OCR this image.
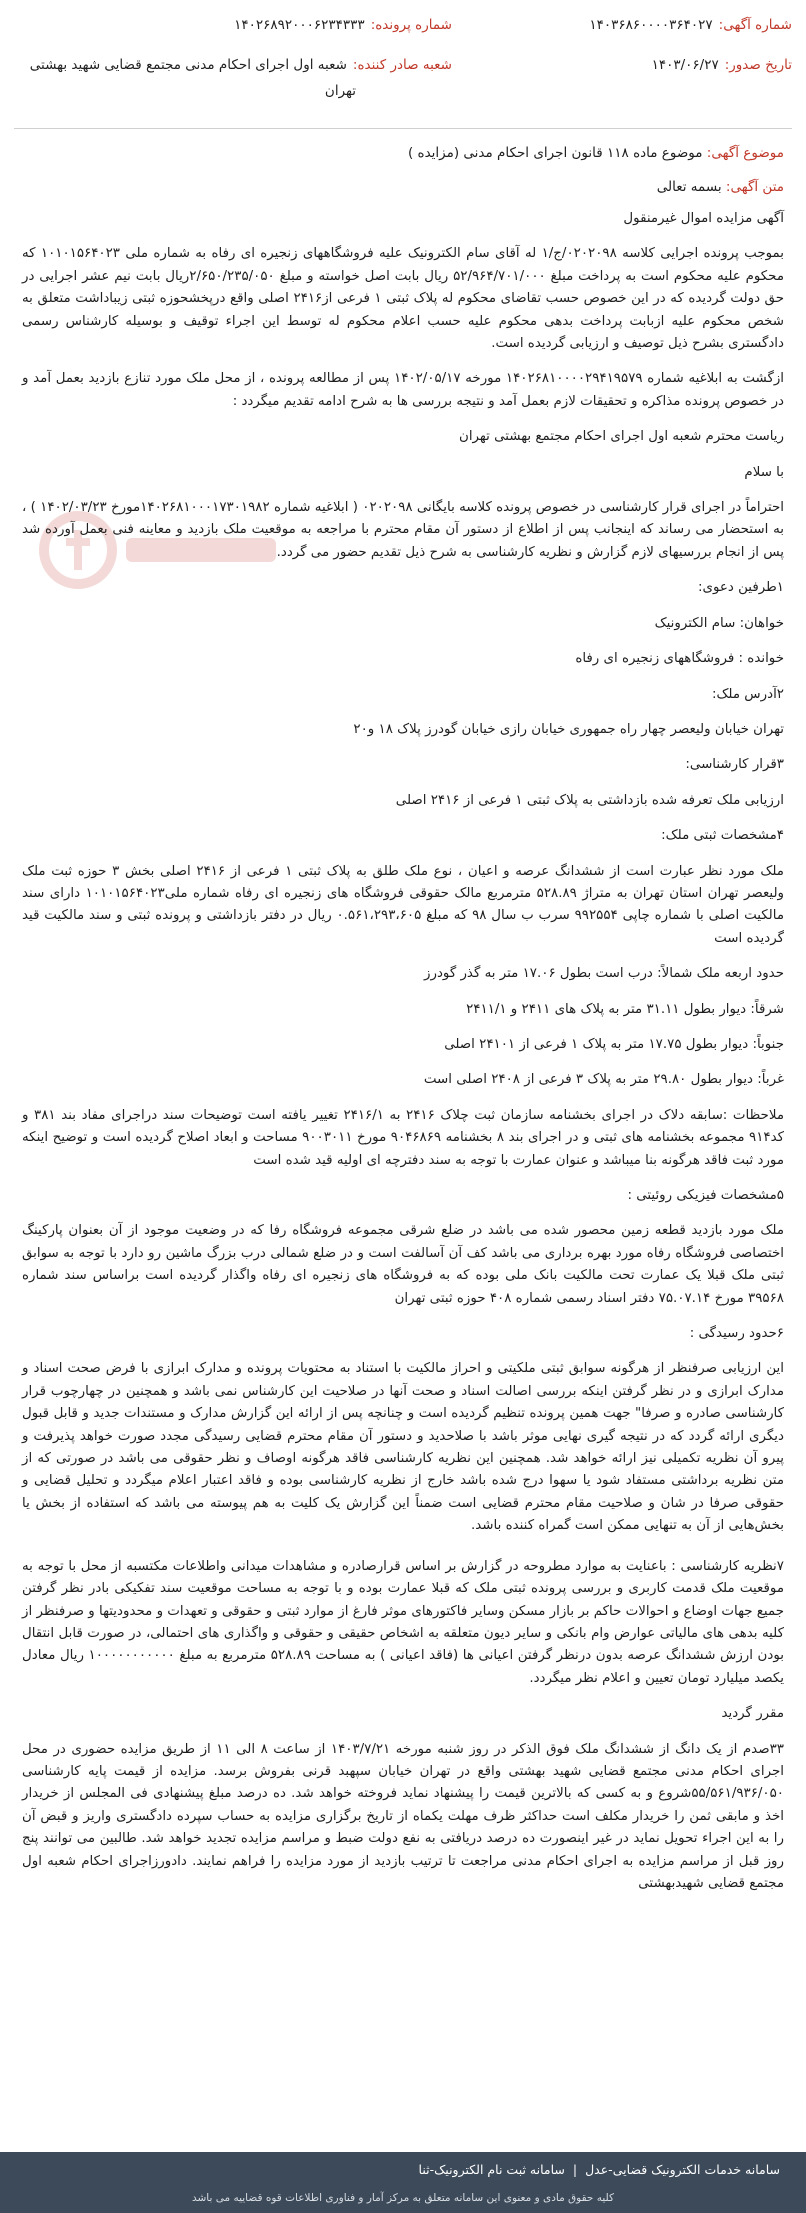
شماره آگهی:۱۴۰۳۶۸۶۰۰۰۰۳۶۴۰۲۷
تاریخ صدور:۱۴۰۳/۰۶/۲۷
شماره پرونده:۱۴۰۲۶۸۹۲۰۰۰۶۲۳۴۳۳۳
شعبه صادر کننده:شعبه اول اجرای احکام مدنی مجتمع قضایی شهید بهشتی
تهران
موضوع آگهی: موضوع ماده ۱۱۸ قانون اجرای احکام مدنی (مزایده )
متن آگهی: بسمه تعالی

آگهی مزایده اموال غیرمنقول

بموجب پرونده اجرایی کلاسه ۰۲۰۲۰۹۸/ج/۱ له آقای سام الکترونیک علیه فروشگاههای زنجیره ای رفاه به شماره ملی ۱۰۱۰۱۵۶۴۰۲۳ که محکوم علیه محکوم است به پرداخت مبلغ ۵۲/۹۶۴/۷۰۱/۰۰۰ ریال بابت اصل خواسته و مبلغ ۲/۶۵۰/۲۳۵/۰۵۰ریال بابت نیم عشر اجرایی در حق دولت گردیده که در این خصوص حسب تقاضای محکوم له پلاک ثبتی ۱ فرعی از۲۴۱۶ اصلی واقع درپخشحوزه ثبتی زیباداشت متعلق به شخص محکوم علیه ازبابت پرداخت بدهی محکوم علیه حسب اعلام محکوم له توسط این اجراء توقیف و بوسیله کارشناس رسمی دادگستری بشرح ذیل توصیف و ارزیابی گردیده است.

ازگشت به ابلاغیه شماره ۱۴۰۲۶۸۱۰۰۰۰۲۹۴۱۹۵۷۹ مورخه ۱۴۰۲/۰۵/۱۷ پس از مطالعه پرونده ، از محل ملک مورد تنازع بازدید بعمل آمد و در خصوص پرونده مذاکره و تحقیقات لازم بعمل آمد و نتیجه بررسی ها به شرح ادامه تقدیم میگردد :

ریاست محترم شعبه اول اجرای احکام مجتمع بهشتی تهران

با سلام

احتراماً در اجرای قرار کارشناسی در خصوص پرونده کلاسه بایگانی ۰۲۰۲۰۹۸ ( ابلاغیه شماره ۱۴۰۲۶۸۱۰۰۰۱۷۳۰۱۹۸۲مورخ ۱۴۰۲/۰۳/۲۳ ) ، به استحضار می رساند که اینجانب پس از اطلاع از دستور آن مقام محترم با مراجعه به موقعیت ملک بازدید و معاینه فنی بعمل آورده شد پس از انجام بررسیهای لازم گزارش و نظریه کارشناسی به شرح ذیل تقدیم حضور می گردد.

۱طرفین دعوی:

خواهان: سام الکترونیک

خوانده : فروشگاههای زنجیره ای رفاه

۲آدرس ملک:

تهران خیابان ولیعصر چهار راه جمهوری خیابان رازی خیابان گودرز پلاک ۱۸ و۲۰

۳قرار کارشناسی:

ارزیابی ملک تعرفه شده بازداشتی به پلاک ثبتی ۱ فرعی از ۲۴۱۶ اصلی

۴مشخصات ثبتی ملک:

ملک مورد نظر عبارت است از ششدانگ عرصه و اعیان ، نوع ملک طلق به پلاک ثبتی ۱ فرعی از ۲۴۱۶ اصلی بخش ۳ حوزه ثبت ملک ولیعصر تهران استان تهران به متراژ ۵۲۸.۸۹ مترمربع مالک حقوقی فروشگاه های زنجیره ای رفاه شماره ملی۱۰۱۰۱۵۶۴۰۲۳ دارای سند مالکیت اصلی با شماره چاپی ۹۹۲۵۵۴ سرب ب سال ۹۸ که مبلغ ۰.۵۶۱،۲۹۳،۶۰۵ ریال در دفتر بازداشتی و پرونده ثبتی و سند مالکیت قید گردیده است

حدود اربعه ملک شمالاً: درب است بطول ۱۷.۰۶ متر به گذر گودرز

شرقاً: دیوار بطول ۳۱.۱۱ متر به پلاک های ۲۴۱۱ و ۲۴۱۱/۱

جنوباً: دیوار بطول ۱۷.۷۵ متر به پلاک ۱ فرعی از ۲۴۱۰۱ اصلی

غرباً: دیوار بطول ۲۹.۸۰ متر به پلاک ۳ فرعی از ۲۴۰۸ اصلی است

ملاحظات :سابقه دلاک در اجرای بخشنامه سازمان ثبت چلاک ۲۴۱۶ به ۲۴۱۶/۱ تغییر یافته است توضیحات سند دراجرای مفاد بند ۳۸۱ و کد۹۱۴ مجموعه بخشنامه های ثبتی و در اجرای بند ۸ بخشنامه ۹۰۴۶۸۶۹ مورخ ۹۰۰۳۰۱۱ مساحت و ابعاد اصلاح گردیده است و توضیح اینکه مورد ثبت فاقد هرگونه بنا میباشد و عنوان عمارت با توجه به سند دفترچه ای اولیه قید شده است

۵مشخصات فیزیکی روئیتی :

ملک مورد بازدید قطعه زمین محصور شده می باشد در ضلع شرقی مجموعه فروشگاه رفا که در وضعیت موجود از آن بعنوان پارکینگ اختصاصی فروشگاه رفاه مورد بهره برداری می باشد کف آن آسالفت است و در ضلع شمالی درب بزرگ ماشین رو دارد با توجه به سوابق ثبتی ملک قبلا یک عمارت تحت مالکیت بانک ملی بوده که به فروشگاه های زنجیره ای رفاه واگذار گردیده است براساس سند شماره ۳۹۵۶۸ مورخ ۷۵.۰۷.۱۴ دفتر اسناد رسمی شماره ۴۰۸ حوزه ثبتی تهران

۶حدود رسیدگی :

این ارزیابی صرفنظر از هرگونه سوابق ثبتی ملکیتی و احراز مالکیت با استناد به محتویات پرونده و مدارک ابرازی با فرض صحت اسناد و مدارک ابرازی و در نظر گرفتن اینکه بررسی اصالت اسناد و صحت آنها در صلاحیت این کارشناس نمی باشد و همچنین در چهارچوب قرار کارشناسی صادره و صرفا" جهت همین پرونده تنظیم گردیده است و چنانچه پس از ارائه این گزارش مدارک و مستندات جدید و قابل قبول دیگری ارائه گردد که در نتیجه گیری نهایی موثر باشد با صلاحدید و دستور آن مقام محترم قضایی رسیدگی مجدد صورت خواهد پذیرفت و پیرو آن نظریه تکمیلی نیز ارائه خواهد شد. همچنین این نظریه کارشناسی فاقد هرگونه اوصاف و نظر حقوقی می باشد در صورتی که از متن نظریه برداشتی مستفاد شود یا سهوا درج شده باشد خارج از نظریه کارشناسی بوده و فاقد اعتبار اعلام میگردد و تحلیل قضایی و حقوقی صرفا در شان و صلاحیت مقام محترم قضایی است ضمناً این گزارش یک کلیت به هم پیوسته می باشد که استفاده از بخش یا بخش‌هایی از آن به تنهایی ممکن است گمراه کننده باشد.

۷نظریه کارشناسی : باعنایت به موارد مطروحه در گزارش بر اساس قرارصادره و مشاهدات میدانی واطلاعات مکتسبه از محل با توجه به موقعیت ملک قدمت کاربری و بررسی پرونده ثبتی ملک که قبلا عمارت بوده و با توجه به مساحت موقعیت سند تفکیکی بادر نظر گرفتن جمیع جهات اوضاع و احوالات حاکم بر بازار مسکن وسایر فاکتورهای موثر فارغ از موارد ثبتی و حقوقی و تعهدات و محدودیتها و صرفنظر از کلیه بدهی های مالیاتی عوارض وام بانکی و سایر دیون متعلقه به اشخاص حقیقی و حقوقی و واگذاری های احتمالی، در صورت قابل انتقال بودن ارزش ششدانگ عرصه بدون درنظر گرفتن اعیانی ها (فاقد اعیانی ) به مساحت ۵۲۸.۸۹ مترمربع به مبلغ ۱۰۰۰۰۰۰۰۰۰۰۰ ریال معادل یکصد میلیارد تومان تعیین و اعلام نظر میگردد.

مقرر گردید

۳۳صدم از یک دانگ از ششدانگ ملک فوق الذکر در روز شنبه مورخه ۱۴۰۳/۷/۲۱ از ساعت ۸ الی ۱۱ از طریق مزایده حضوری در محل اجرای احکام مدنی مجتمع قضایی شهید بهشتی واقع در تهران خیابان سپهبد قرنی بفروش برسد. مزایده از قیمت پایه کارشناسی ۵۵/۵۶۱/۹۳۶/۰۵۰شروع و به کسی که بالاترین قیمت را پیشنهاد نماید فروخته خواهد شد. ده درصد مبلغ پیشنهادی فی المجلس از خریدار اخذ و مابقی ثمن را خریدار مکلف است حداکثر ظرف مهلت یکماه از تاریخ برگزاری مزایده به حساب سپرده دادگستری واریز و قبض آن را به این اجراء تحویل نماید در غیر اینصورت ده درصد دریافتی به نفع دولت ضبط و مراسم مزایده تجدید خواهد شد. طالبین می توانند پنج روز قبل از مراسم مزایده به اجرای احکام مدنی مراجعت تا ترتیب بازدید از مورد مزایده را فراهم نمایند. دادورزاجرای احکام شعبه اول مجتمع قضایی شهیدبهشتی

سامانه خدمات الکترونیک قضایی-عدل | سامانه ثبت نام الکترونیک-ثنا
کلیه حقوق مادی و معنوی این سامانه متعلق به مرکز آمار و فناوری اطلاعات قوه قضاییه می باشد
